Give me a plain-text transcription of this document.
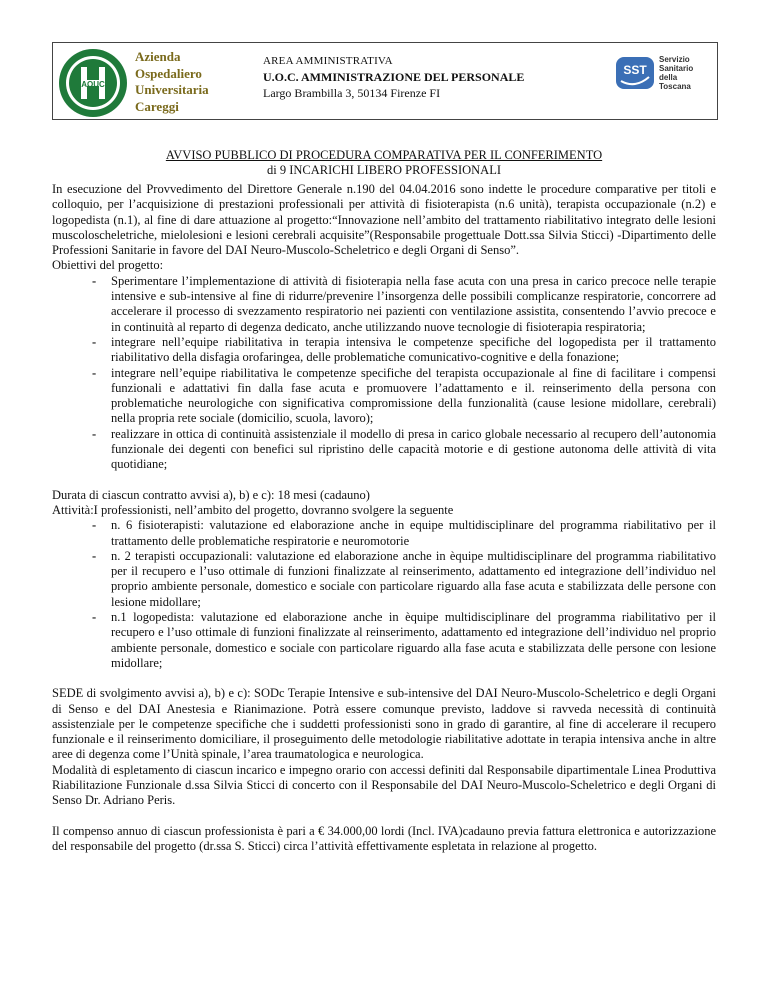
AOUC
Azienda
Ospedaliero
Universitaria
Careggi
AREA AMMINISTRATIVA
U.O.C. AMMINISTRAZIONE DEL PERSONALE
Largo Brambilla 3, 50134 Firenze FI
SST
Servizio
Sanitario
della
Toscana
AVVISO PUBBLICO DI PROCEDURA COMPARATIVA PER IL CONFERIMENTO
di 9 INCARICHI LIBERO PROFESSIONALI

In esecuzione del Provvedimento del Direttore Generale n.190 del 04.04.2016 sono indette le procedure comparative per titoli e colloquio, per l’acquisizione di prestazioni professionali per attività di fisioterapista (n.6 unità), terapista occupazionale (n.2) e logopedista (n.1), al fine di dare attuazione al progetto:“Innovazione nell’ambito del trattamento riabilitativo integrato delle lesioni muscoloscheletriche, mielolesioni e lesioni cerebrali acquisite”(Responsabile progettuale Dott.ssa Silvia Sticci) -Dipartimento delle Professioni Sanitarie in favore del DAI Neuro-Muscolo-Scheletrico e degli Organi di Senso”.

Obiettivi del progetto:

- Sperimentare l’implementazione di attività di fisioterapia nella fase acuta con una presa in carico precoce nelle terapie intensive e sub-intensive al fine di ridurre/prevenire l’insorgenza delle possibili complicanze respiratorie, concorrere ad accelerare il processo di svezzamento respiratorio nei pazienti con ventilazione assistita, consentendo l’avvio precoce e in continuità al reparto di degenza dedicato, anche utilizzando nuove tecnologie di fisioterapia respiratoria;
- integrare nell’equipe riabilitativa in terapia intensiva le competenze specifiche del logopedista per il trattamento riabilitativo della disfagia orofaringea, delle problematiche comunicativo-cognitive e della fonazione;
- integrare nell’equipe riabilitativa le competenze specifiche del terapista occupazionale al fine di facilitare i compensi funzionali e adattativi fin dalla fase acuta e promuovere l’adattamento e il. reinserimento della persona con problematiche neurologiche con significativa compromissione della funzionalità (cause lesione midollare, cerebrali) nella propria rete sociale (domicilio, scuola, lavoro);
- realizzare in ottica di continuità assistenziale il modello di presa in carico globale necessario al recupero dell’autonomia funzionale dei degenti con benefici sul ripristino delle capacità motorie e di gestione autonoma delle attività di vita quotidiane;

Durata di ciascun contratto avvisi a), b) e c): 18 mesi (cadauno)

Attività:I professionisti, nell’ambito del progetto, dovranno svolgere la seguente

- n. 6 fisioterapisti: valutazione ed elaborazione anche in equipe multidisciplinare del programma riabilitativo per il trattamento delle problematiche respiratorie e neuromotorie
- n. 2 terapisti occupazionali: valutazione ed elaborazione anche in èquipe multidisciplinare del programma riabilitativo per il recupero e l’uso ottimale di funzioni finalizzate al reinserimento, adattamento ed integrazione dell’individuo nel proprio ambiente personale, domestico e sociale con particolare riguardo alla fase acuta e stabilizzata delle persone con lesione midollare;
- n.1 logopedista: valutazione ed elaborazione anche in èquipe multidisciplinare del programma riabilitativo per il recupero e l’uso ottimale di funzioni finalizzate al reinserimento, adattamento ed integrazione dell’individuo nel proprio ambiente personale, domestico e sociale con particolare riguardo alla fase acuta e stabilizzata delle persone con lesione midollare;

SEDE di svolgimento avvisi a), b) e c): SODc Terapie Intensive e sub-intensive del DAI Neuro-Muscolo-Scheletrico e degli Organi di Senso e del DAI Anestesia e Rianimazione. Potrà essere comunque previsto, laddove si ravveda necessità di continuità assistenziale per le competenze specifiche che i suddetti professionisti sono in grado di garantire, al fine di accelerare il recupero funzionale e il reinserimento domiciliare, il proseguimento delle metodologie riabilitative adottate in terapia intensiva anche in altre aree di degenza come l’Unità spinale, l’area traumatologica e neurologica.

Modalità di espletamento di ciascun incarico e impegno orario con accessi definiti dal Responsabile dipartimentale Linea Produttiva Riabilitazione Funzionale d.ssa Silvia Sticci di concerto con il Responsabile del DAI Neuro-Muscolo-Scheletrico e degli Organi di Senso Dr. Adriano Peris.

Il compenso annuo di ciascun professionista è pari a € 34.000,00 lordi (Incl. IVA)cadauno previa fattura elettronica e autorizzazione del responsabile del progetto (dr.ssa S. Sticci) circa l’attività effettivamente espletata in relazione al progetto.
